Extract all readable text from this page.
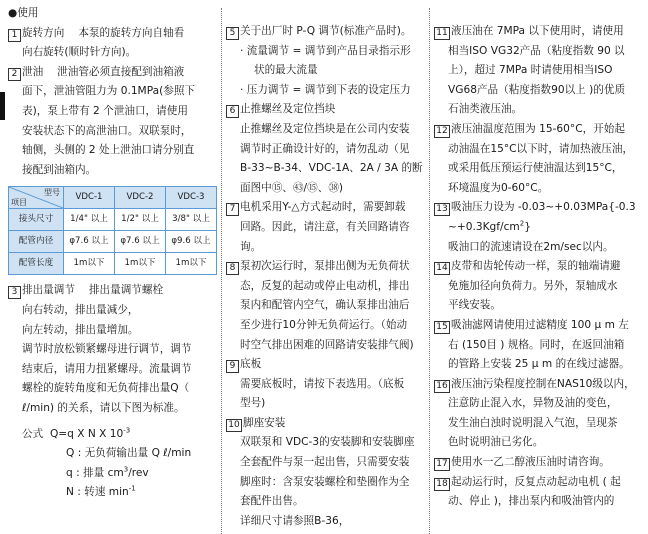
●使用
1 旋转方向　 本泵的旋转方向自轴看
向右旋转(顺时针方向)。
2 泄油　 泄油管必须直接配到油箱液
面下，泄油管阻力为 0.1MPa(参照下
表)，泵上带有 2 个泄油口，请使用
安装状态下的高泄油口。双联泵时，
轴侧，头侧的 2 处上泄油口请分别直
接配到油箱内。
型号
项目	VDC-1	VDC-2	VDC-3
接头尺寸	1/4" 以上	1/2" 以上	3/8" 以上
配管内径	φ7.6 以上	φ7.6 以上	φ9.6 以上
配管长度	1m以下	1m以下	1m以下
3 排出量调节　 排出量调节螺栓
向右转动，排出量减少，
向左转动，排出量增加。
调节时放松锁紧螺母进行调节，调节
结束后，请用力扭紧螺母。流量调节
螺栓的旋转角度和无负荷排出量Q（
ℓ/min) 的关系，请以下图为标准。
公式 Q=q X N X $10^{-3}$
Q : 无负荷输出量 Q ℓ/min
q : 排量 $cm^3$/rev
N : 转速 $\min^{-1}$
5 关于出厂时 P-Q 调节(标准产品时)。
· 流量调节 = 调节到产品目录指示形
状的最大流量
· 压力调节 = 调节到下表的设定压力
6 止推螺丝及定位挡块
止推螺丝及定位挡块是在公司内安装
调节时正确设计好的，请勿乱动（见
B-33~B-34、VDC-1A、2A / 3A 的断
面图中⑮、㊸/⑮、㊳)
7 电机采用Y-△方式起动时，需要卸载
回路。因此，请注意，有关回路请咨
询。
8 泵初次运行时，泵排出侧为无负荷状
态，反复的起动或停止电动机，排出
泵内和配管内空气，确认泵排出油后
至少进行10分钟无负荷运行。（始动
时空气排出困难的回路请安装排气阀)
9 底板
需要底板时，请按下表选用。（底板
型号)
10 脚座安装
双联泵和 VDC-3的安装脚和安装脚座
全套配件与泵一起出售，只需要安装
脚座时：含泵安装螺栓和垫圈作为全
套配件出售。
详细尺寸请参照B-36，
11 液压油在 7MPa 以下使用时，请使用
相当ISO VG32产品（粘度指数 90 以
上），超过 7MPa 时请使用相当ISO
VG68产品（粘度指数90以上 )的优质
石油类液压油。
12 液压油温度范围为 15-60°C，开始起
动油温在15°C以下时，请加热液压油，
或采用低压预运行使油温达到15°C，
环境温度为0-60°C。
13 吸油压力设为 -0.03~+0.03MPa{-0.3
$\sim+0.3Kgf/cm^2$}
吸油口的流速请设在2m/sec以内。
14 皮带和齿轮传动一样，泵的轴端请避
免施加径向负荷力。另外，泵轴成水
平线安装。
15 吸油滤网请使用过滤精度 100 μ m 左
右 (150目 ) 规格。同时，在返回油箱
的管路上安装 25 μ m 的在线过滤器。
16 液压油污染程度控制在NAS10级以内，
注意防止混入水，异物及油的变色，
发生油白浊时说明混入气泡，呈现茶
色时说明油已劣化。
17 使用水一乙二醇液压油时请咨询。
18 起动运行时，反复点动起动电机 ( 起
动、停止 )，排出泵内和吸油管内的
